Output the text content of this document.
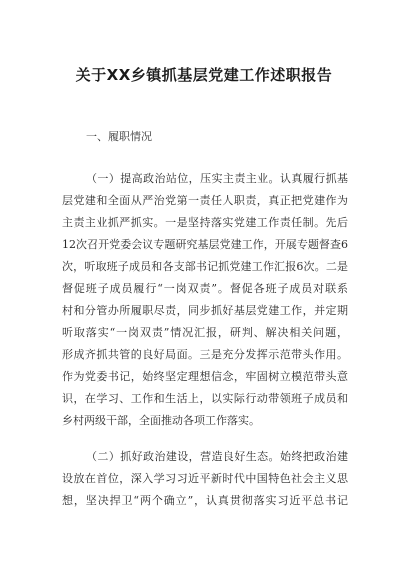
关于XX乡镇抓基层党建工作述职报告
一、履职情况
（一）提高政治站位，压实主责主业。认真履行抓基
层党建和全面从严治党第一责任人职责，真正把党建作为
主责主业抓严抓实。一是坚持落实党建工作责任制。先后
12次召开党委会议专题研究基层党建工作，开展专题督查6
次，听取班子成员和各支部书记抓党建工作汇报6次。二是
督促班子成员履行“一岗双责”。督促各班子成员对联系
村和分管办所履职尽责，同步抓好基层党建工作，并定期
听取落实“一岗双责”情况汇报，研判、解决相关问题，
形成齐抓共管的良好局面。三是充分发挥示范带头作用。
作为党委书记，始终坚定理想信念，牢固树立模范带头意
识，在学习、工作和生活上，以实际行动带领班子成员和
乡村两级干部，全面推动各项工作落实。
（二）抓好政治建设，营造良好生态。始终把政治建
设放在首位，深入学习习近平新时代中国特色社会主义思
想，坚决捍卫“两个确立”，认真贯彻落实习近平总书记
